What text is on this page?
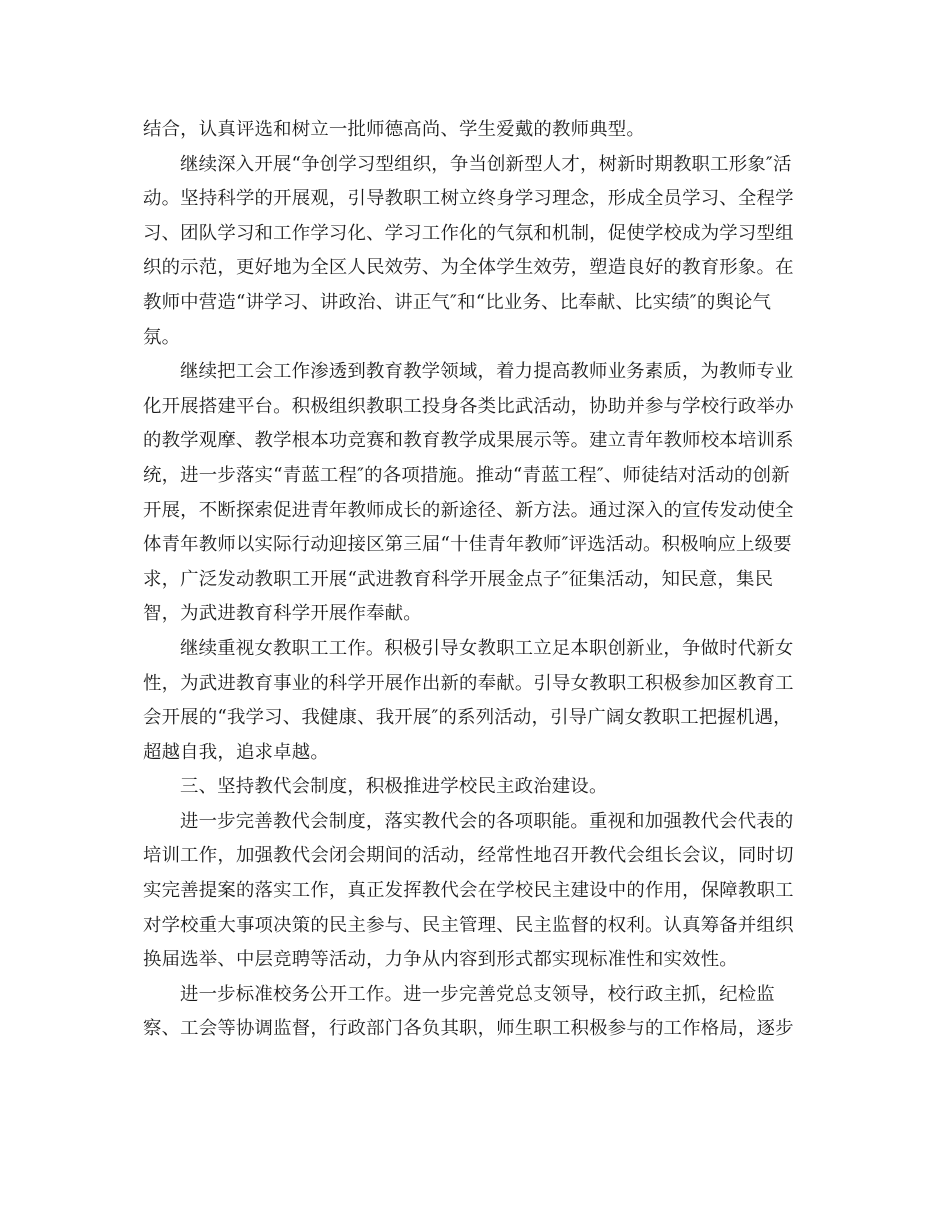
结合，认真评选和树立一批师德高尚、学生爱戴的教师典型。
继续深入开展“争创学习型组织，争当创新型人才，树新时期教职工形象″活
动。坚持科学的开展观，引导教职工树立终身学习理念，形成全员学习、全程学
习、团队学习和工作学习化、学习工作化的气氛和机制，促使学校成为学习型组
织的示范，更好地为全区人民效劳、为全体学生效劳，塑造良好的教育形象。在
教师中营造“讲学习、讲政治、讲正气″和“比业务、比奉献、比实绩″的舆论气
氛。
继续把工会工作渗透到教育教学领域，着力提高教师业务素质，为教师专业
化开展搭建平台。积极组织教职工投身各类比武活动，协助并参与学校行政举办
的教学观摩、教学根本功竞赛和教育教学成果展示等。建立青年教师校本培训系
统，进一步落实“青蓝工程″的各项措施。推动“青蓝工程″、师徒结对活动的创新
开展，不断探索促进青年教师成长的新途径、新方法。通过深入的宣传发动使全
体青年教师以实际行动迎接区第三届“十佳青年教师″评选活动。积极响应上级要
求，广泛发动教职工开展“武进教育科学开展金点子″征集活动，知民意，集民
智，为武进教育科学开展作奉献。
继续重视女教职工工作。积极引导女教职工立足本职创新业，争做时代新女
性，为武进教育事业的科学开展作出新的奉献。引导女教职工积极参加区教育工
会开展的“我学习、我健康、我开展″的系列活动，引导广阔女教职工把握机遇，
超越自我，追求卓越。
三、坚持教代会制度，积极推进学校民主政治建设。
进一步完善教代会制度，落实教代会的各项职能。重视和加强教代会代表的
培训工作，加强教代会闭会期间的活动，经常性地召开教代会组长会议，同时切
实完善提案的落实工作，真正发挥教代会在学校民主建设中的作用，保障教职工
对学校重大事项决策的民主参与、民主管理、民主监督的权利。认真筹备并组织
换届选举、中层竞聘等活动，力争从内容到形式都实现标准性和实效性。
进一步标准校务公开工作。进一步完善党总支领导，校行政主抓，纪检监
察、工会等协调监督，行政部门各负其职，师生职工积极参与的工作格局，逐步
